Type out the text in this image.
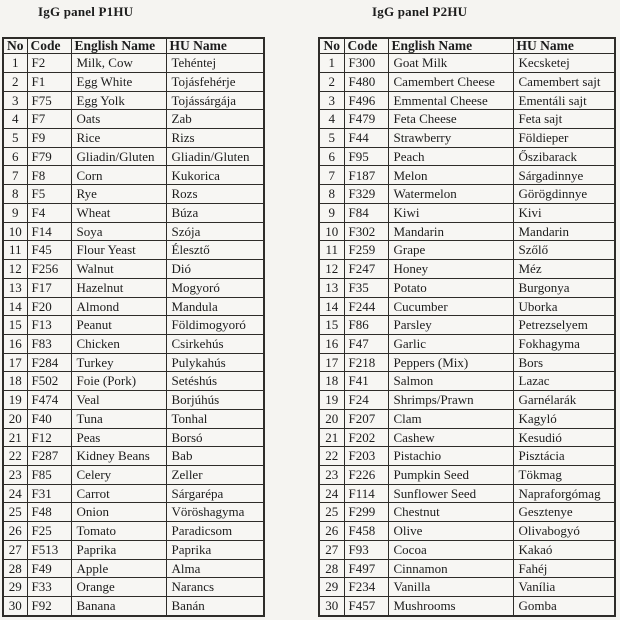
IgG panel P1HU
No	Code	English Name	HU Name
1	F2	Milk, Cow	Tehéntej
2	F1	Egg White	Tojásfehérje
3	F75	Egg Yolk	Tojássárgája
4	F7	Oats	Zab
5	F9	Rice	Rizs
6	F79	Gliadin/Gluten	Gliadin/Gluten
7	F8	Corn	Kukorica
8	F5	Rye	Rozs
9	F4	Wheat	Búza
10	F14	Soya	Szója
11	F45	Flour Yeast	Élesztő
12	F256	Walnut	Dió
13	F17	Hazelnut	Mogyoró
14	F20	Almond	Mandula
15	F13	Peanut	Földimogyoró
16	F83	Chicken	Csirkehús
17	F284	Turkey	Pulykahús
18	F502	Foie (Pork)	Setéshús
19	F474	Veal	Borjúhús
20	F40	Tuna	Tonhal
21	F12	Peas	Borsó
22	F287	Kidney Beans	Bab
23	F85	Celery	Zeller
24	F31	Carrot	Sárgarépa
25	F48	Onion	Vöröshagyma
26	F25	Tomato	Paradicsom
27	F513	Paprika	Paprika
28	F49	Apple	Alma
29	F33	Orange	Narancs
30	F92	Banana	Banán
IgG panel P2HU
No	Code	English Name	HU Name
1	F300	Goat Milk	Kecsketej
2	F480	Camembert Cheese	Camembert sajt
3	F496	Emmental Cheese	Ementáli sajt
4	F479	Feta Cheese	Feta sajt
5	F44	Strawberry	Földieper
6	F95	Peach	Őszibarack
7	F187	Melon	Sárgadinnye
8	F329	Watermelon	Görögdinnye
9	F84	Kiwi	Kivi
10	F302	Mandarin	Mandarin
11	F259	Grape	Szőlő
12	F247	Honey	Méz
13	F35	Potato	Burgonya
14	F244	Cucumber	Uborka
15	F86	Parsley	Petrezselyem
16	F47	Garlic	Fokhagyma
17	F218	Peppers (Mix)	Bors
18	F41	Salmon	Lazac
19	F24	Shrimps/Prawn	Garnélarák
20	F207	Clam	Kagyló
21	F202	Cashew	Kesudió
22	F203	Pistachio	Pisztácia
23	F226	Pumpkin Seed	Tökmag
24	F114	Sunflower Seed	Napraforgómag
25	F299	Chestnut	Gesztenye
26	F458	Olive	Olivabogyó
27	F93	Cocoa	Kakaó
28	F497	Cinnamon	Fahéj
29	F234	Vanilla	Vanília
30	F457	Mushrooms	Gomba
